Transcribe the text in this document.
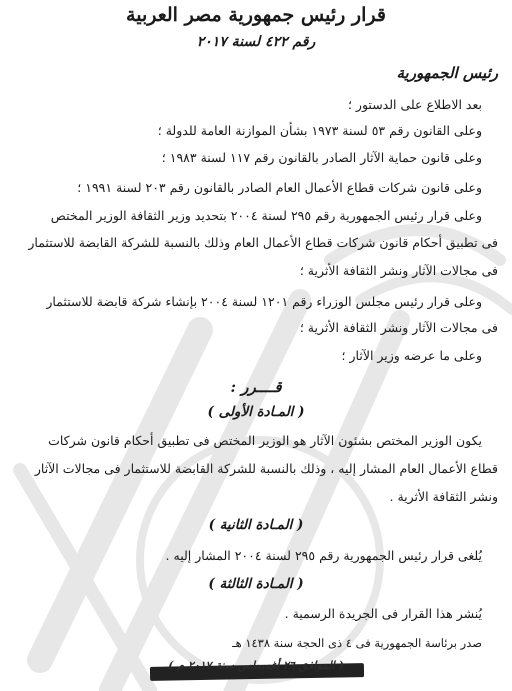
قرار رئيس جمهورية مصر العربية
رقم ٤٢٢ لسنة ٢٠١٧
رئيس الجمهورية
بعد الاطلاع على الدستور ؛
وعلى القانون رقم ٥٣ لسنة ١٩٧٣ بشأن الموازنة العامة للدولة ؛
وعلى قانون حماية الآثار الصادر بالقانون رقم ١١٧ لسنة ١٩٨٣ ؛
وعلى قانون شركات قطاع الأعمال العام الصادر بالقانون رقم ٢٠٣ لسنة ١٩٩١ ؛
وعلى قرار رئيس الجمهورية رقم ٢٩٥ لسنة ٢٠٠٤ بتحديد وزير الثقافة الوزير المختص
فى تطبيق أحكام قانون شركات قطاع الأعمال العام وذلك بالنسبة للشركة القابضة للاستثمار
فى مجالات الآثار ونشر الثقافة الأثرية ؛
وعلى قرار رئيس مجلس الوزراء رقم ١٢٠١ لسنة ٢٠٠٤ بإنشاء شركة قابضة للاستثمار
فى مجالات الآثار ونشر الثقافة الأثرية ؛
وعلى ما عرضه وزير الآثار ؛
قــــرر :
( المـادة الأولى )
يكون الوزير المختص بشئون الآثار هو الوزير المختص فى تطبيق أحكام قانون شركات
قطاع الأعمال العام المشار إليه ، وذلك بالنسبة للشركة القابضة للاستثمار فى مجالات الآثار
ونشر الثقافة الأثرية .
( المـادة الثانية )
يُلغى قرار رئيس الجمهورية رقم ٢٩٥ لسنة ٢٠٠٤ المشار إليه .
( المـادة الثالثة )
يُنشر هذا القرار فى الجريدة الرسمية .
صدر برئاسة الجمهورية فى ٤ ذى الحجة سنة ١٤٣٨ هـ
( الموافق ٢٦ أغسطس سنة ٢٠١٧ م )
